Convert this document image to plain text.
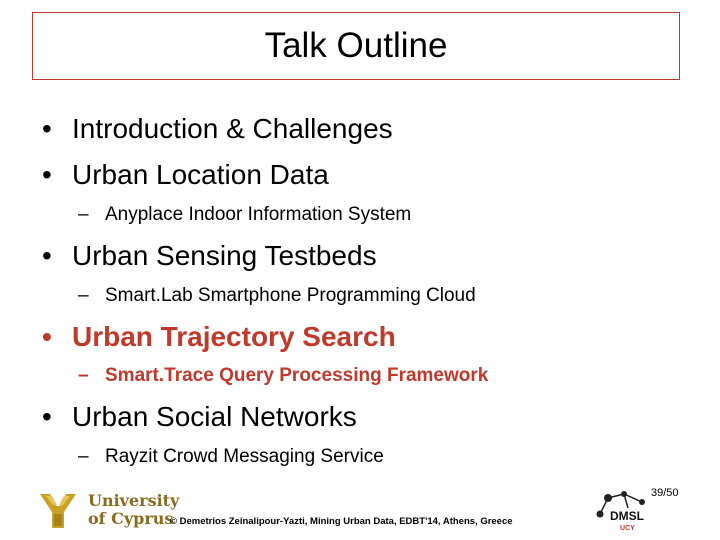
Talk Outline
• Introduction & Challenges
• Urban Location Data
– Anyplace Indoor Information System
• Urban Sensing Testbeds
– Smart.Lab Smartphone Programming Cloud
• Urban Trajectory Search
– Smart.Trace Query Processing Framework
• Urban Social Networks
– Rayzit Crowd Messaging Service
University
of Cyprus
© Demetrios Zeinalipour-Yazti, Mining Urban Data, EDBT'14, Athens, Greece
39/50
DMSL
UCY
